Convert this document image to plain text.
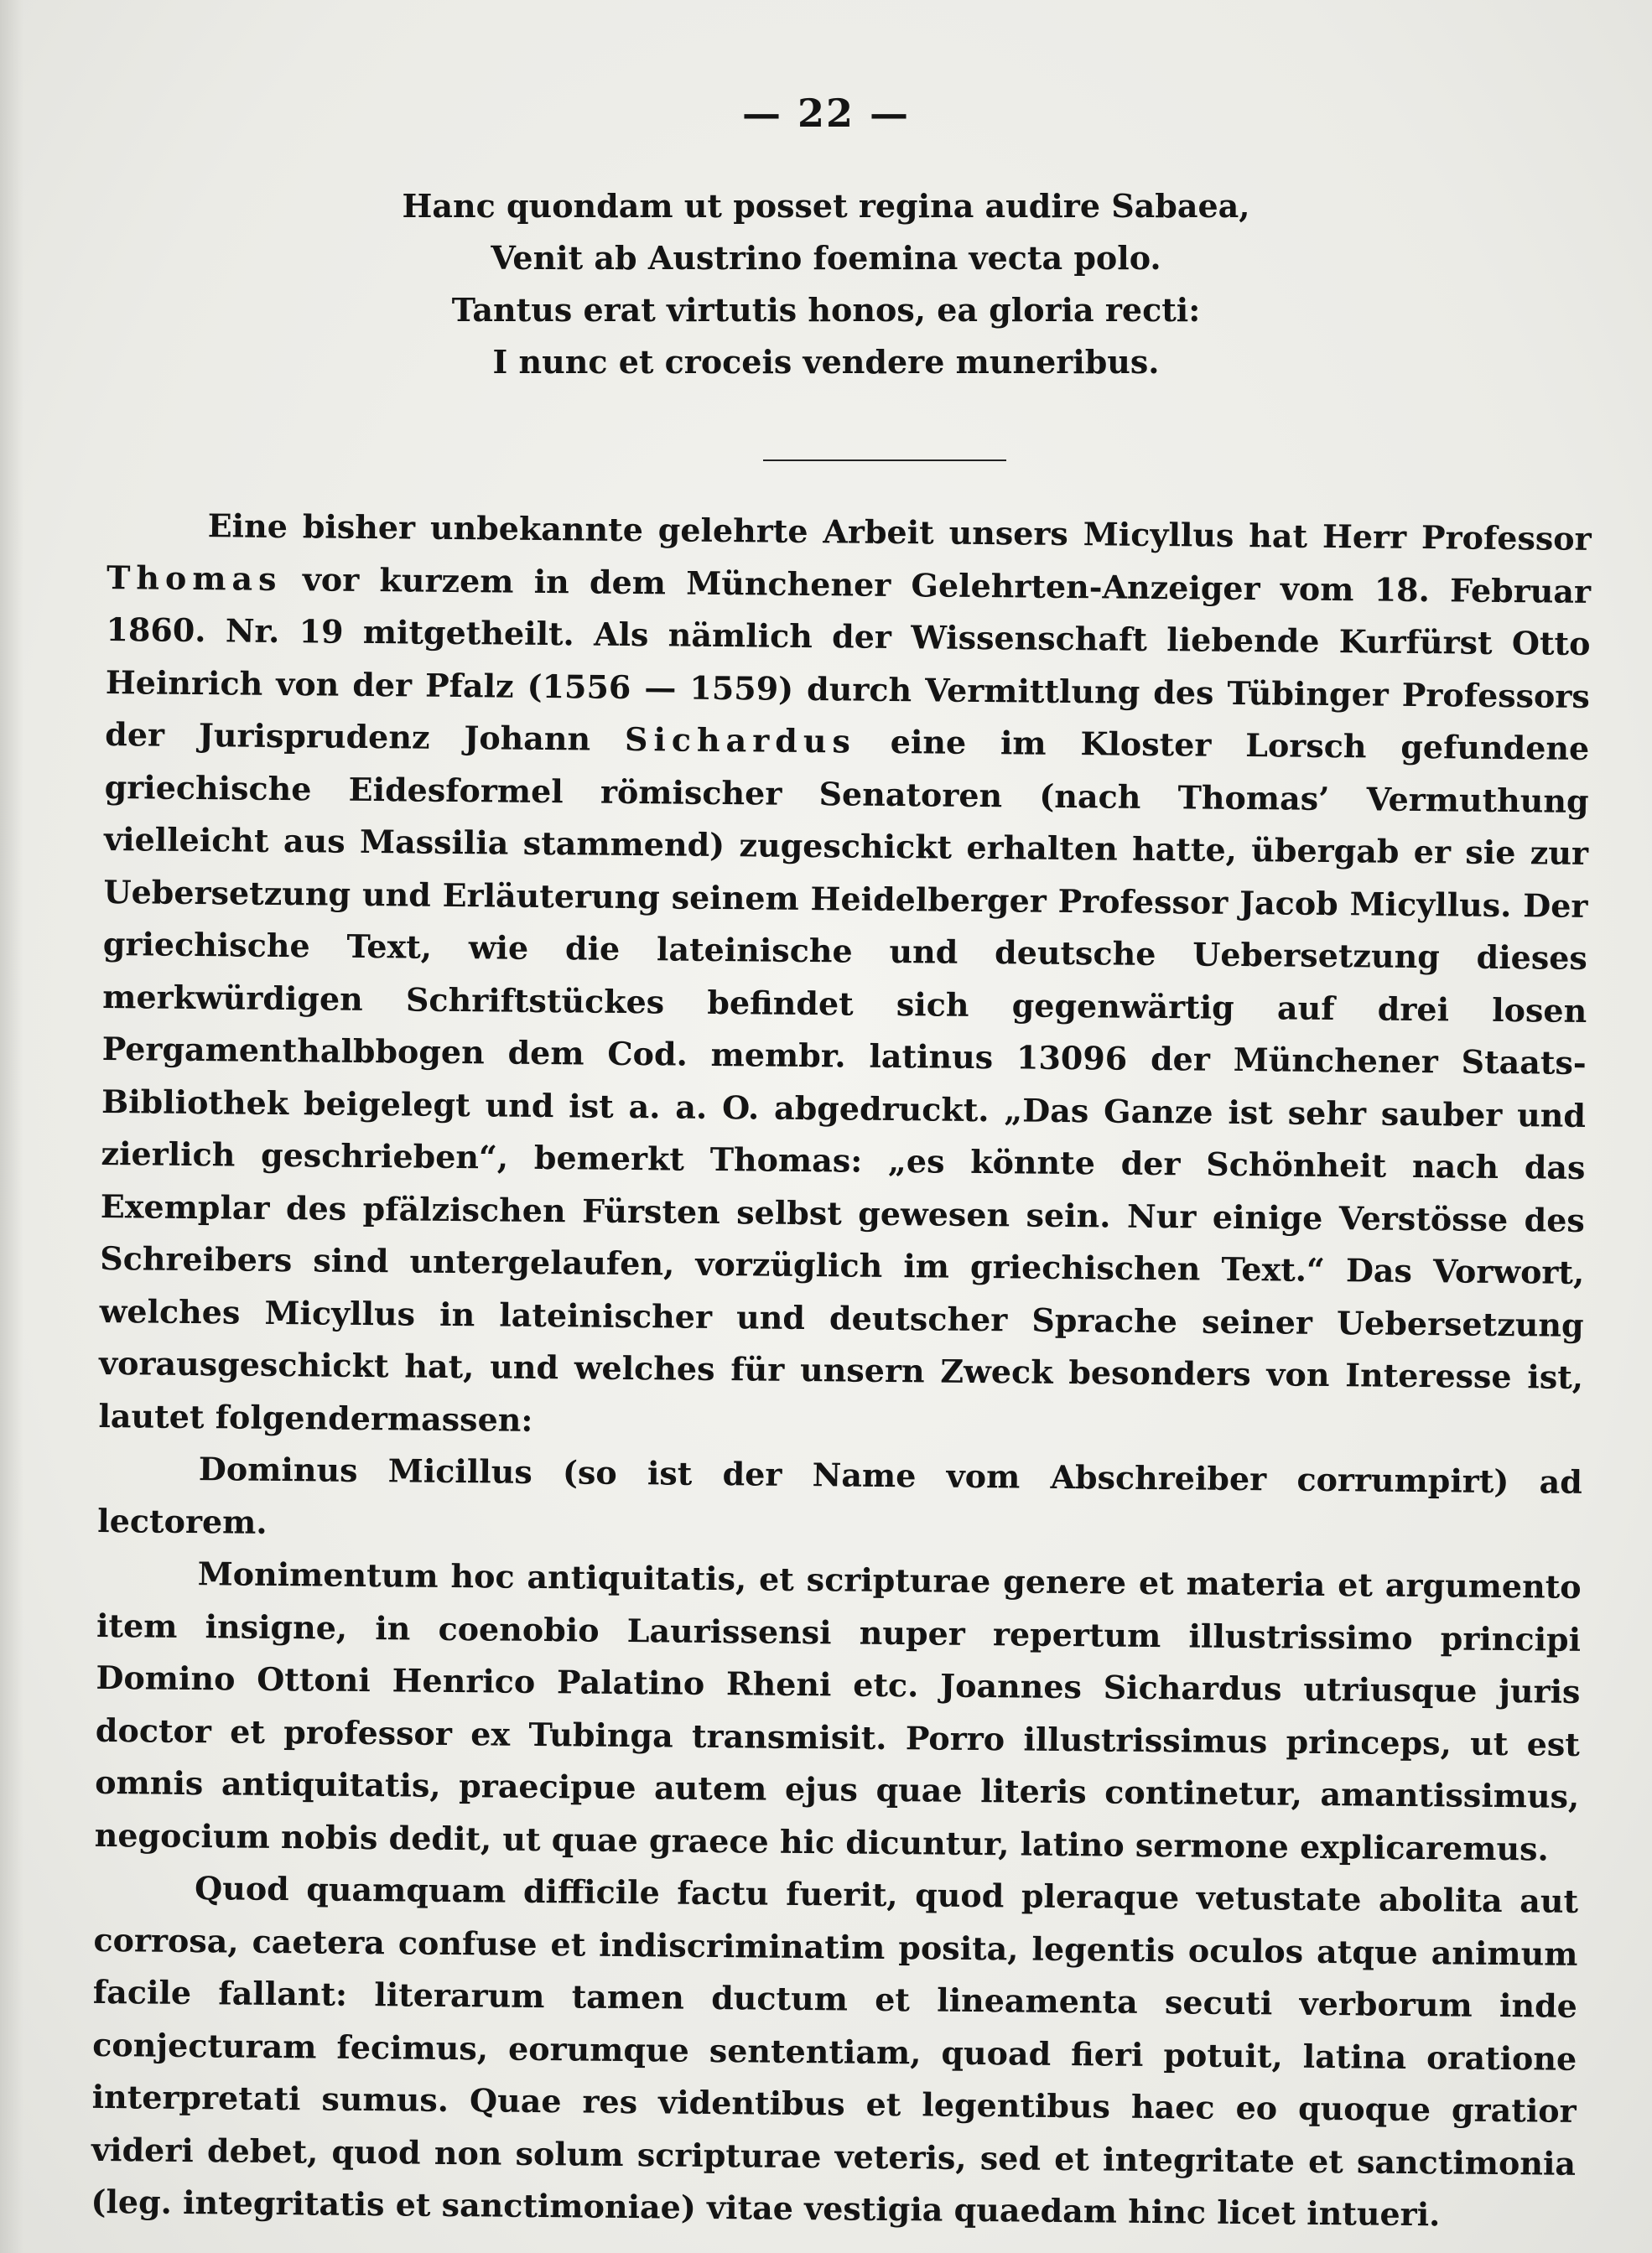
— 22 —
Hanc quondam ut posset regina audire Sabaea,
Venit ab Austrino foemina vecta polo.
Tantus erat virtutis honos, ea gloria recti:
I nunc et croceis vendere muneribus.

Eine bisher unbekannte gelehrte Arbeit unsers Micyllus hat Herr Professor Thomas vor kurzem in dem Münchener Gelehrten-Anzeiger vom 18. Februar 1860. Nr. 19 mitgetheilt. Als nämlich der Wissenschaft liebende Kurfürst Otto Heinrich von der Pfalz (1556 — 1559) durch Vermittlung des Tübinger Professors der Jurisprudenz Johann Sichardus eine im Kloster Lorsch gefundene griechische Eidesformel römischer Senatoren (nach Thomas’ Vermuthung vielleicht aus Massilia stammend) zugeschickt erhalten hatte, übergab er sie zur Uebersetzung und Erläuterung seinem Heidelberger Professor Jacob Micyllus. Der griechische Text, wie die lateinische und deutsche Uebersetzung dieses merkwürdigen Schriftstückes befindet sich gegenwärtig auf drei losen Pergamenthalbbogen dem Cod. membr. latinus 13096 der Münchener Staats-Bibliothek beigelegt und ist a. a. O. abgedruckt. „Das Ganze ist sehr sauber und zierlich geschrieben“, bemerkt Thomas: „es könnte der Schönheit nach das Exemplar des pfälzischen Fürsten selbst gewesen sein. Nur einige Verstösse des Schreibers sind untergelaufen, vorzüglich im griechischen Text.“ Das Vorwort, welches Micyllus in lateinischer und deutscher Sprache seiner Uebersetzung vorausgeschickt hat, und welches für unsern Zweck besonders von Interesse ist, lautet folgendermassen:

Dominus Micillus (so ist der Name vom Abschreiber corrumpirt) ad lectorem.

Monimentum hoc antiquitatis, et scripturae genere et materia et argumento item insigne, in coenobio Laurissensi nuper repertum illustrissimo principi Domino Ottoni Henrico Palatino Rheni etc. Joannes Sichardus utriusque juris doctor et professor ex Tubinga transmisit. Porro illustrissimus princeps, ut est omnis antiquitatis, praecipue autem ejus quae literis continetur, amantissimus, negocium nobis dedit, ut quae graece hic dicuntur, latino sermone explicaremus.

Quod quamquam difficile factu fuerit, quod pleraque vetustate abolita aut corrosa, caetera confuse et indiscriminatim posita, legentis oculos atque animum facile fallant: literarum tamen ductum et lineamenta secuti verborum inde conjecturam fecimus, eorumque sententiam, quoad fieri potuit, latina oratione interpretati sumus. Quae res videntibus et legentibus haec eo quoque gratior videri debet, quod non solum scripturae veteris, sed et integritate et sanctimonia (leg. integritatis et sanctimoniae) vitae vestigia quaedam hinc licet intueri.
